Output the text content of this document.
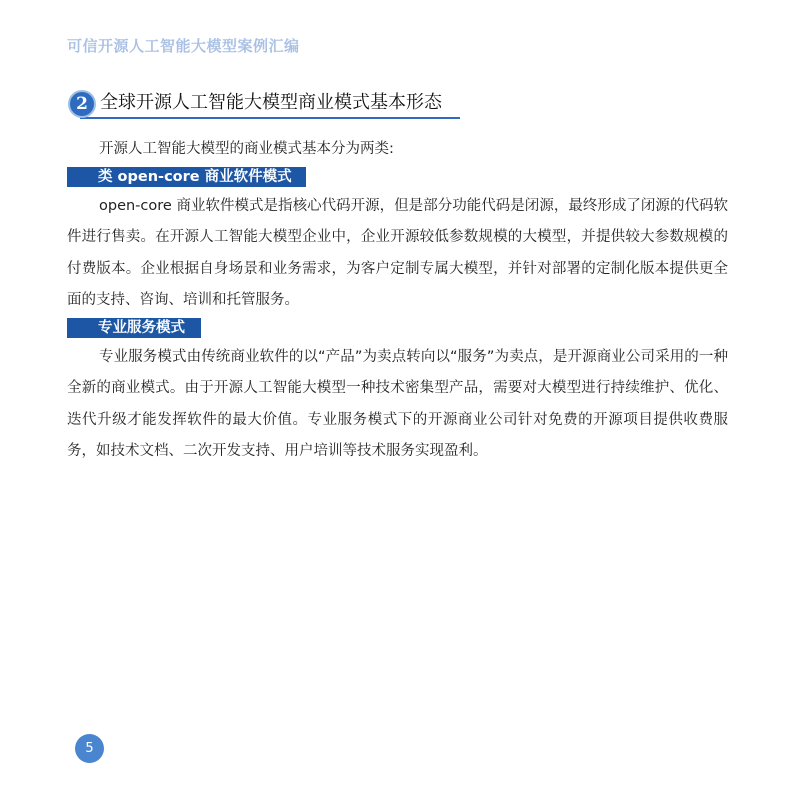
可信开源人工智能大模型案例汇编
2 全球开源人工智能大模型商业模式基本形态

开源人工智能大模型的商业模式基本分为两类:

类 open-core 商业软件模式

open-core 商业软件模式是指核心代码开源，但是部分功能代码是闭源，最终形成了闭源的代码软件进行售卖。在开源人工智能大模型企业中，企业开源较低参数规模的大模型，并提供较大参数规模的付费版本。企业根据自身场景和业务需求，为客户定制专属大模型，并针对部署的定制化版本提供更全面的支持、咨询、培训和托管服务。

专业服务模式

专业服务模式由传统商业软件的以“产品”为卖点转向以“服务”为卖点，是开源商业公司采用的一种全新的商业模式。由于开源人工智能大模型一种技术密集型产品，需要对大模型进行持续维护、优化、迭代升级才能发挥软件的最大价值。专业服务模式下的开源商业公司针对免费的开源项目提供收费服务，如技术文档、二次开发支持、用户培训等技术服务实现盈利。

5
